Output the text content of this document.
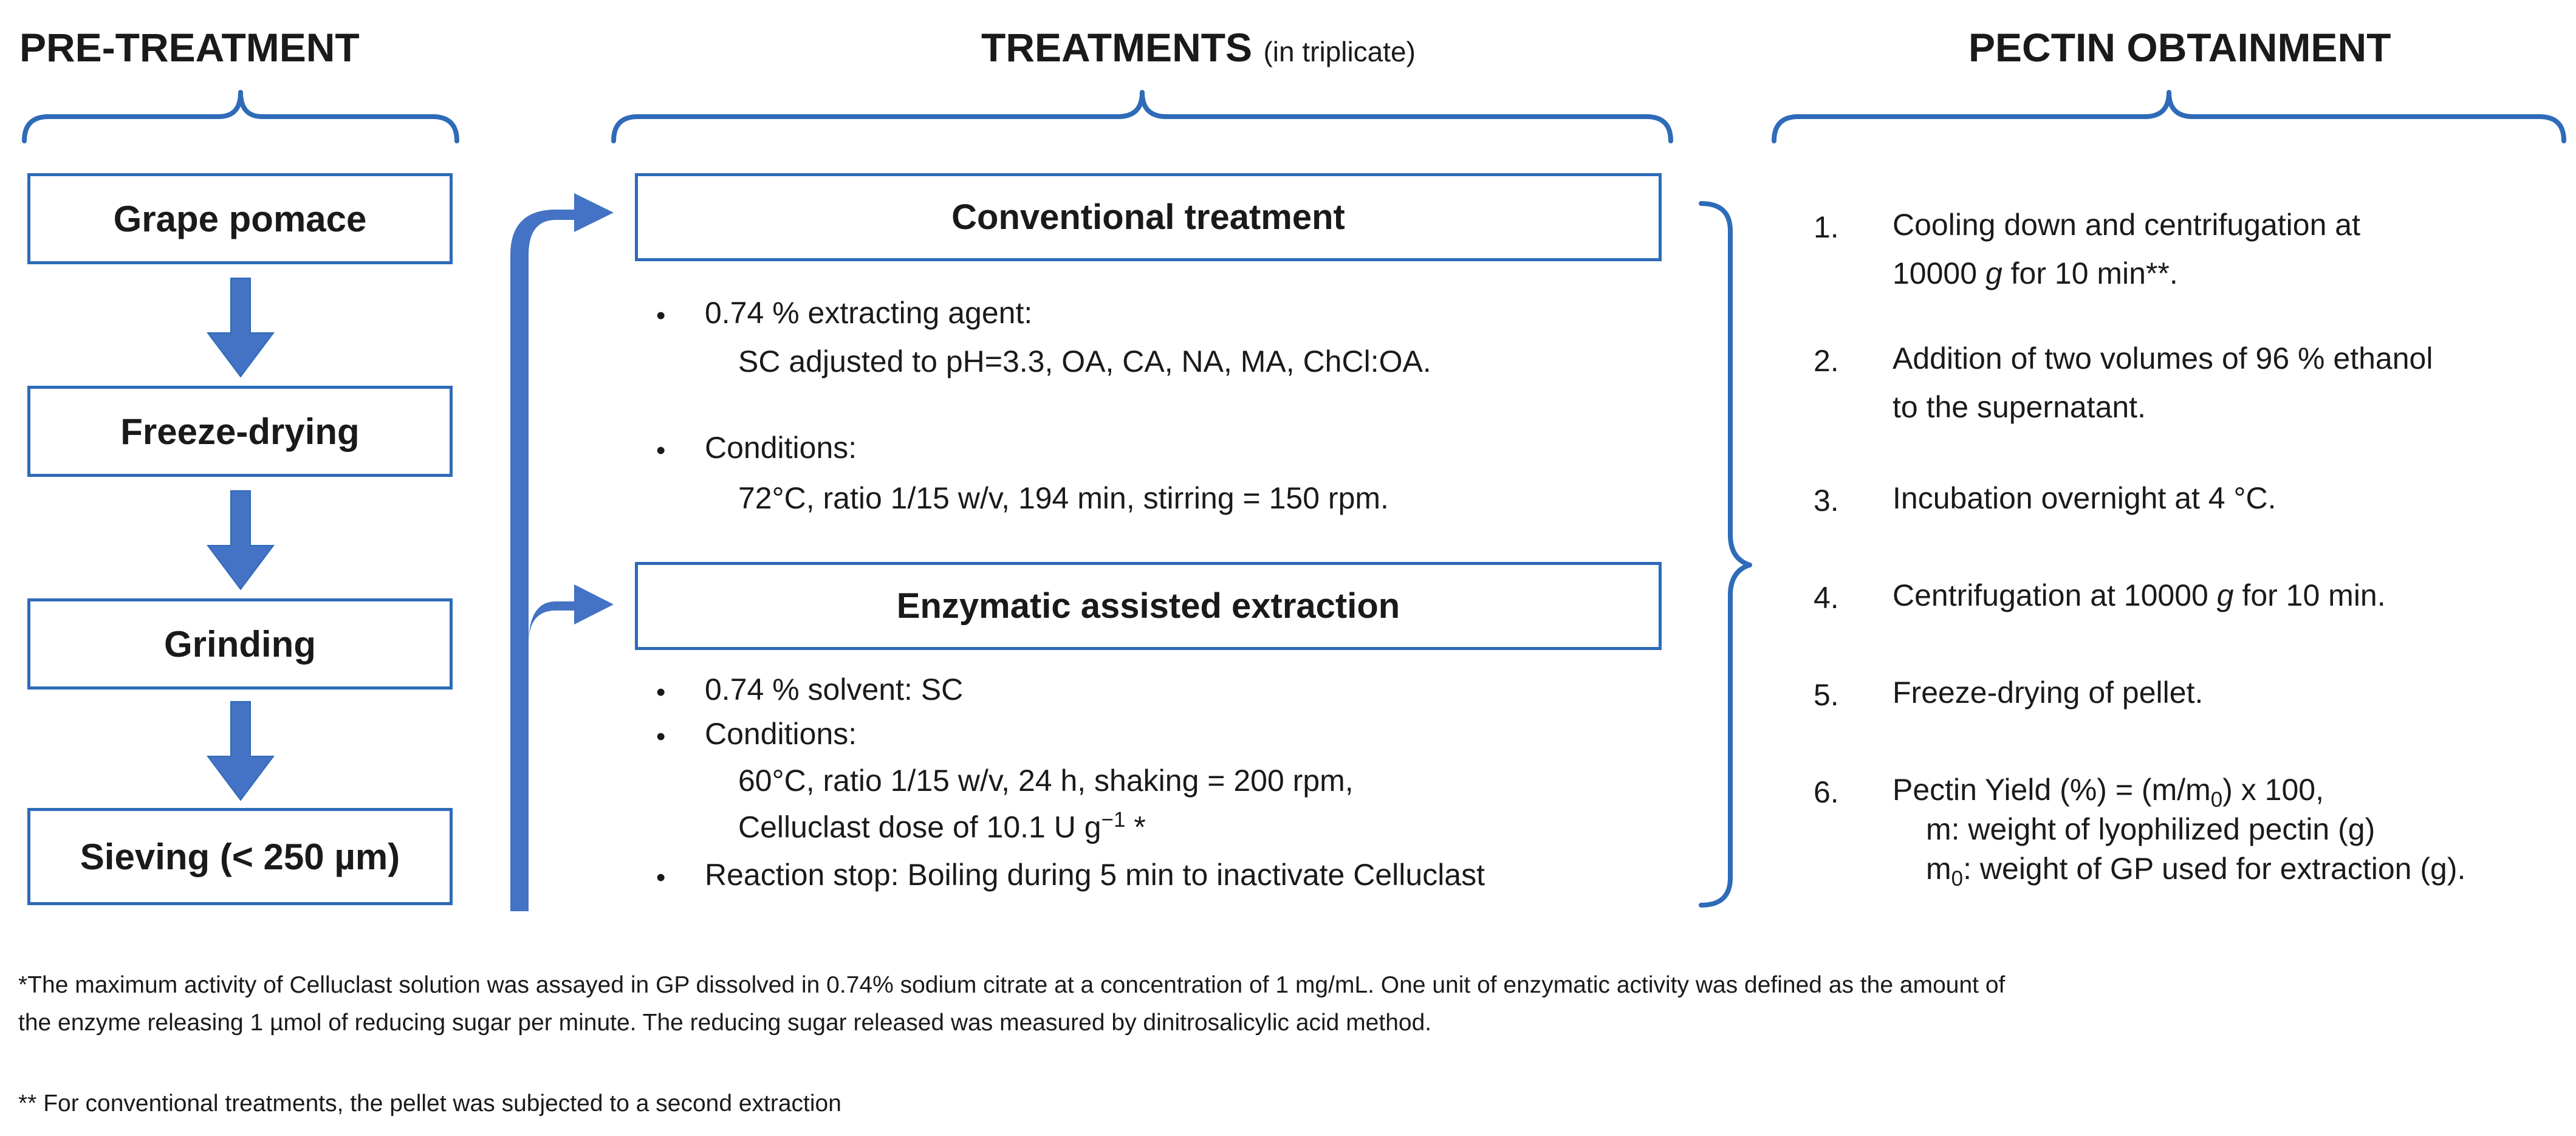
PRE-TREATMENT	TREATMENTS (in triplicate)	PECTIN OBTAINMENT
Grape pomace
Freeze-drying
Grinding
Sieving (< 250 µm)
Conventional treatment
• 0.74 % extracting agent:
SC adjusted to pH=3.3, OA, CA, NA, MA, ChCl:OA.
• Conditions:
72°C, ratio 1/15 w/v, 194 min, stirring = 150 rpm.
Enzymatic assisted extraction
• 0.74 % solvent: SC
• Conditions:
60°C, ratio 1/15 w/v, 24 h, shaking = 200 rpm,
Celluclast dose of 10.1 U $g^{-1}$ *
• Reaction stop: Boiling during 5 min to inactivate Celluclast
1. Cooling down and centrifugation at
10000 g for 10 min**.
2. Addition of two volumes of 96 % ethanol
to the supernatant.
3. Incubation overnight at 4 °C.
4. Centrifugation at 10000 g for 10 min.
5. Freeze-drying of pellet.
6. Pectin Yield (%) = $(m/m_0)$ x 100,
m: weight of lyophilized pectin (g)
$m_0$: weight of GP used for extraction (g).
*The maximum activity of Celluclast solution was assayed in GP dissolved in 0.74% sodium citrate at a concentration of 1 mg/mL. One unit of enzymatic activity was defined as the amount of
the enzyme releasing 1 µmol of reducing sugar per minute. The reducing sugar released was measured by dinitrosalicylic acid method.
** For conventional treatments, the pellet was subjected to a second extraction
